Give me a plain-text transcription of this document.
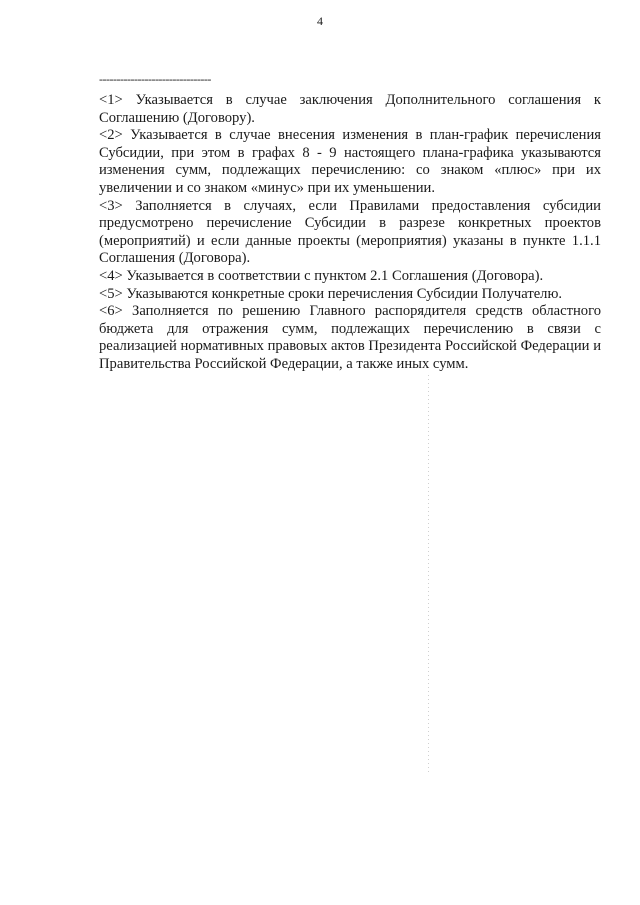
4
--------------------------------

<1> Указывается в случае заключения Дополнительного соглашения к Соглашению (Договору).

<2> Указывается в случае внесения изменения в план-график перечисления Субсидии, при этом в графах 8 - 9 настоящего плана-графика указываются изменения сумм, подлежащих перечислению: со знаком «плюс» при их увеличении и со знаком «минус» при их уменьшении.

<3> Заполняется в случаях, если Правилами предоставления субсидии предусмотрено перечисление Субсидии в разрезе конкретных проектов (мероприятий) и если данные проекты (мероприятия) указаны в пункте 1.1.1 Соглашения (Договора).

<4> Указывается в соответствии с пунктом 2.1 Соглашения (Договора).

<5> Указываются конкретные сроки перечисления Субсидии Получателю.

<6> Заполняется по решению Главного распорядителя средств областного бюджета для отражения сумм, подлежащих перечислению в связи с реализацией нормативных правовых актов Президента Российской Федерации и Правительства Российской Федерации, а также иных сумм.
